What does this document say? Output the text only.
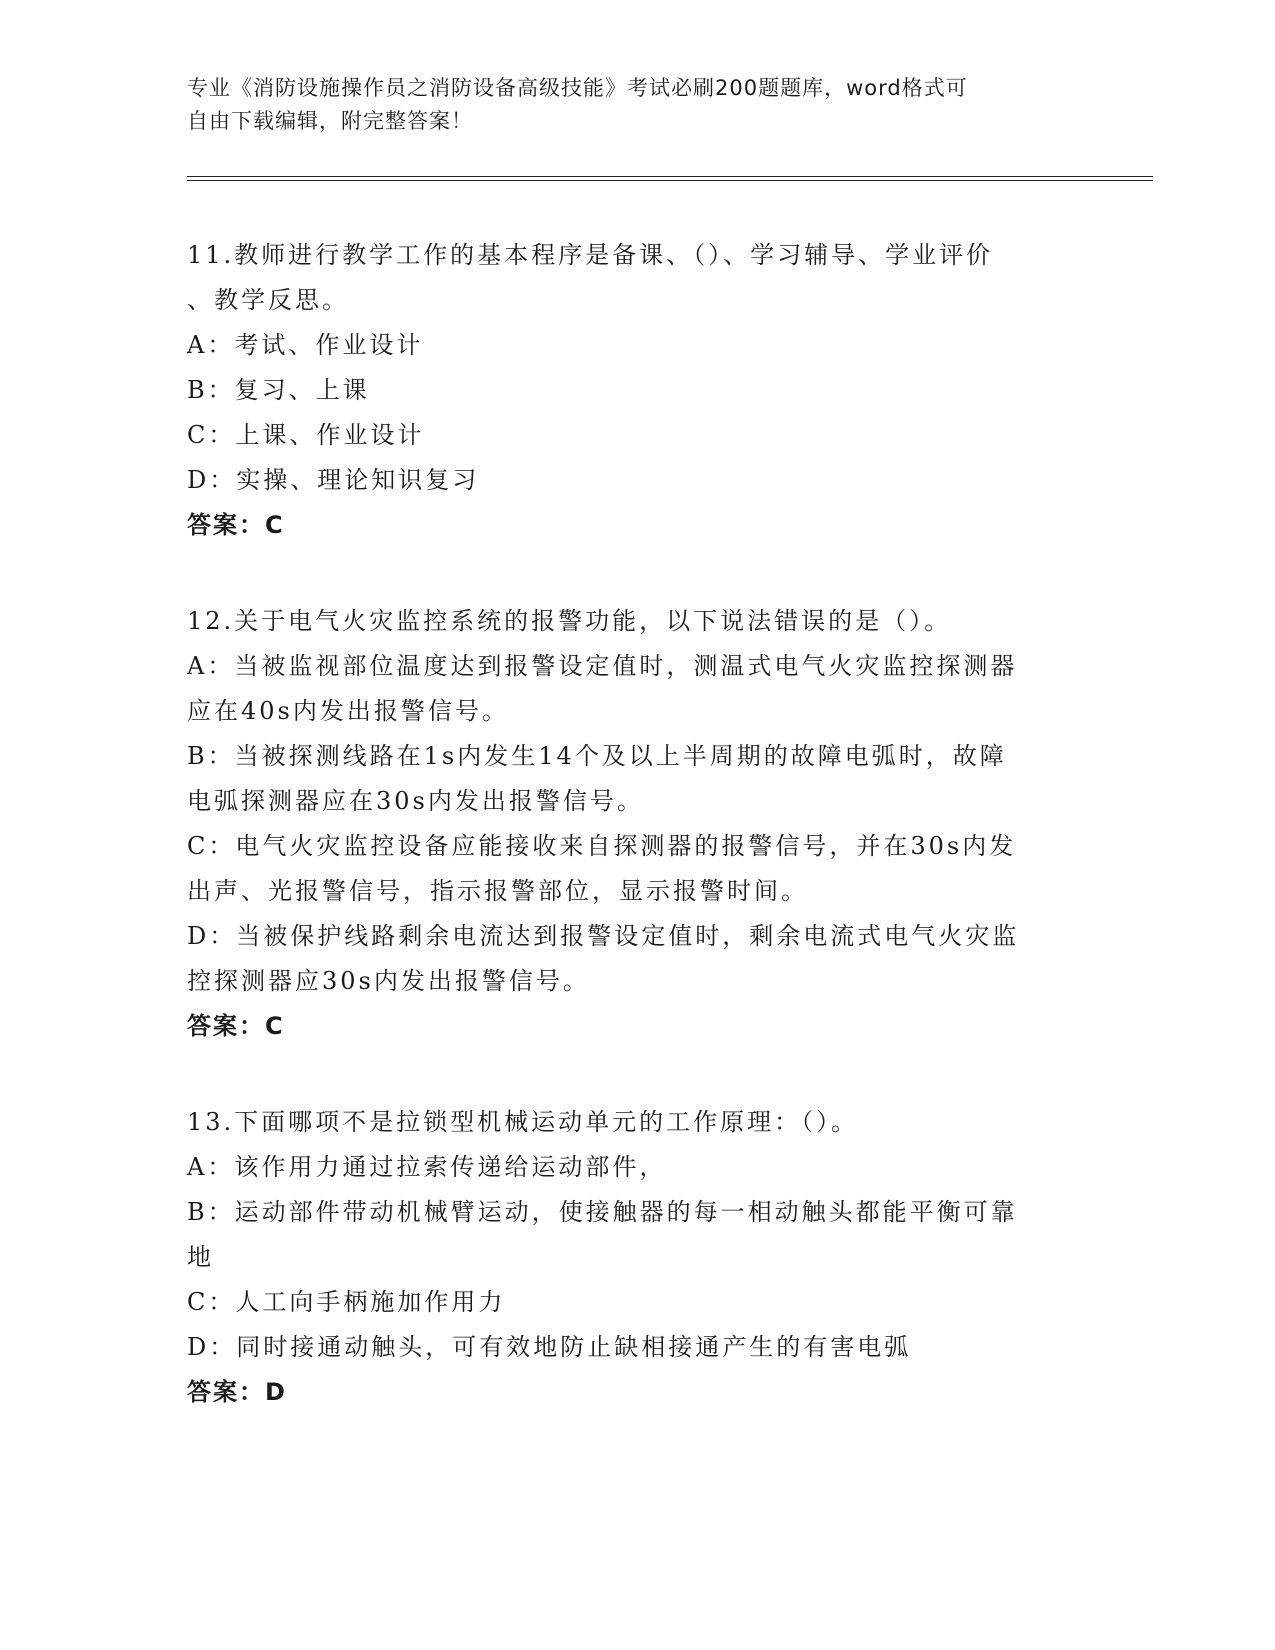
专业《消防设施操作员之消防设备高级技能》考试必刷200题题库，word格式可
自由下载编辑，附完整答案！
11.教师进行教学工作的基本程序是备课、（）、学习辅导、学业评价
、教学反思。
A：考试、作业设计
B：复习、上课
C：上课、作业设计
D：实操、理论知识复习
答案：C
12.关于电气火灾监控系统的报警功能，以下说法错误的是（）。
A：当被监视部位温度达到报警设定值时，测温式电气火灾监控探测器
应在40s内发出报警信号。
B：当被探测线路在1s内发生14个及以上半周期的故障电弧时，故障
电弧探测器应在30s内发出报警信号。
C：电气火灾监控设备应能接收来自探测器的报警信号，并在30s内发
出声、光报警信号，指示报警部位，显示报警时间。
D：当被保护线路剩余电流达到报警设定值时，剩余电流式电气火灾监
控探测器应30s内发出报警信号。
答案：C
13.下面哪项不是拉锁型机械运动单元的工作原理：（）。
A：该作用力通过拉索传递给运动部件，
B：运动部件带动机械臂运动，使接触器的每一相动触头都能平衡可靠
地
C：人工向手柄施加作用力
D：同时接通动触头，可有效地防止缺相接通产生的有害电弧
答案：D
